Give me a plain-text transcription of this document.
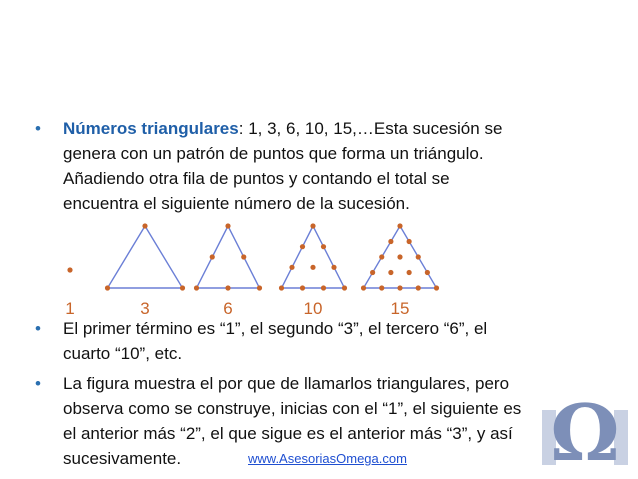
• Números triangulares: 1, 3, 6, 10, 15,…Esta sucesión se
genera con un patrón de puntos que forma un triángulo.
Añadiendo otra fila de puntos y contando el total se
encuentra el siguiente número de la sucesión.
1	3	6	10	15
• El primer término es “1”, el segundo “3”, el tercero “6”, el
cuarto “10”, etc.
• La figura muestra el por que de llamarlos triangulares, pero
observa como se construye, inicias con el “1”, el siguiente es
el anterior más “2”, el que sigue es el anterior más “3”, y así
sucesivamente.	Ω
www.AsesoriasOmega.com
